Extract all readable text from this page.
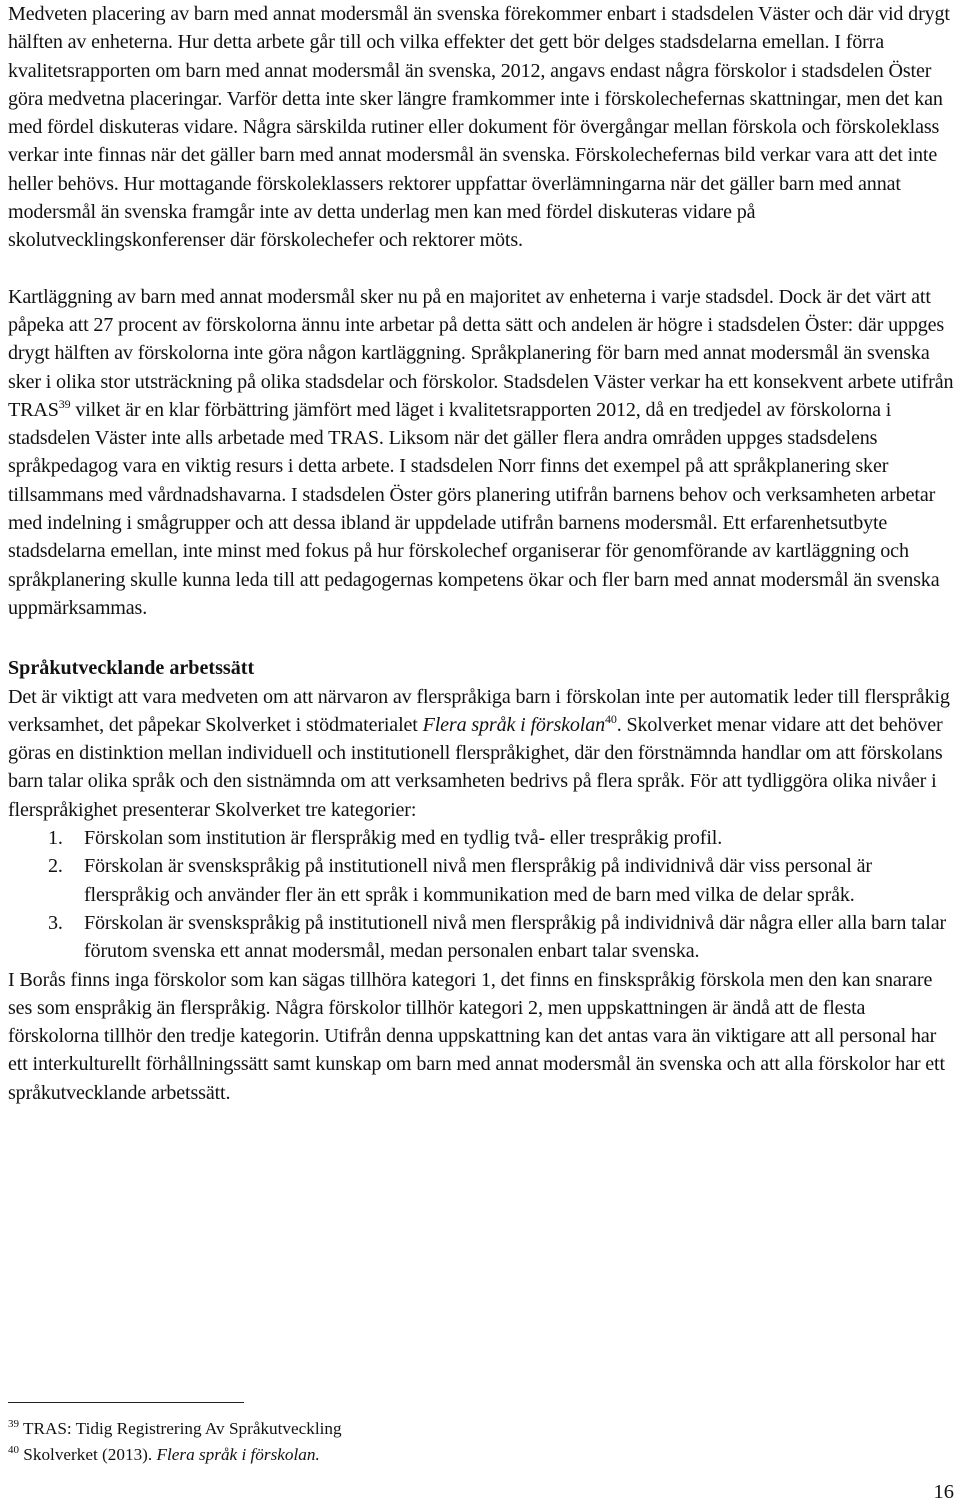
Medveten placering av barn med annat modersmål än svenska förekommer enbart i stadsdelen Väster och där vid drygt hälften av enheterna. Hur detta arbete går till och vilka effekter det gett bör delges stadsdelarna emellan. I förra kvalitetsrapporten om barn med annat modersmål än svenska, 2012, angavs endast några förskolor i stadsdelen Öster göra medvetna placeringar. Varför detta inte sker längre framkommer inte i förskolechefernas skattningar, men det kan med fördel diskuteras vidare. Några särskilda rutiner eller dokument för övergångar mellan förskola och förskoleklass verkar inte finnas när det gäller barn med annat modersmål än svenska. Förskolechefernas bild verkar vara att det inte heller behövs. Hur mottagande förskoleklassers rektorer uppfattar överlämningarna när det gäller barn med annat modersmål än svenska framgår inte av detta underlag men kan med fördel diskuteras vidare på skolutvecklingskonferenser där förskolechefer och rektorer möts.

Kartläggning av barn med annat modersmål sker nu på en majoritet av enheterna i varje stadsdel. Dock är det värt att påpeka att 27 procent av förskolorna ännu inte arbetar på detta sätt och andelen är högre i stadsdelen Öster: där uppges drygt hälften av förskolorna inte göra någon kartläggning. Språkplanering för barn med annat modersmål än svenska sker i olika stor utsträckning på olika stadsdelar och förskolor. Stadsdelen Väster verkar ha ett konsekvent arbete utifrån TRAS$^{39}$ vilket är en klar förbättring jämfört med läget i kvalitetsrapporten 2012, då en tredjedel av förskolorna i stadsdelen Väster inte alls arbetade med TRAS. Liksom när det gäller flera andra områden uppges stadsdelens språkpedagog vara en viktig resurs i detta arbete. I stadsdelen Norr finns det exempel på att språkplanering sker tillsammans med vårdnadshavarna. I stadsdelen Öster görs planering utifrån barnens behov och verksamheten arbetar med indelning i smågrupper och att dessa ibland är uppdelade utifrån barnens modersmål. Ett erfarenhetsutbyte stadsdelarna emellan, inte minst med fokus på hur förskolechef organiserar för genomförande av kartläggning och språkplanering skulle kunna leda till att pedagogernas kompetens ökar och fler barn med annat modersmål än svenska uppmärksammas.

Språkutvecklande arbetssätt

Det är viktigt att vara medveten om att närvaron av flerspråkiga barn i förskolan inte per automatik leder till flerspråkig verksamhet, det påpekar Skolverket i stödmaterialet Flera språk i förskolan$^{40}$. Skolverket menar vidare att det behöver göras en distinktion mellan individuell och institutionell flerspråkighet, där den förstnämnda handlar om att förskolans barn talar olika språk och den sistnämnda om att verksamheten bedrivs på flera språk. För att tydliggöra olika nivåer i flerspråkighet presenterar Skolverket tre kategorier:

1. Förskolan som institution är flerspråkig med en tydlig två- eller trespråkig profil.
2. Förskolan är svenskspråkig på institutionell nivå men flerspråkig på individnivå där viss personal är flerspråkig och använder fler än ett språk i kommunikation med de barn med vilka de delar språk.
3. Förskolan är svenskspråkig på institutionell nivå men flerspråkig på individnivå där några eller alla barn talar förutom svenska ett annat modersmål, medan personalen enbart talar svenska.

I Borås finns inga förskolor som kan sägas tillhöra kategori 1, det finns en finskspråkig förskola men den kan snarare ses som enspråkig än flerspråkig. Några förskolor tillhör kategori 2, men uppskattningen är ändå att de flesta förskolorna tillhör den tredje kategorin. Utifrån denna uppskattning kan det antas vara än viktigare att all personal har ett interkulturellt förhållningssätt samt kunskap om barn med annat modersmål än svenska och att alla förskolor har ett språkutvecklande arbetssätt.

$^{39}$ TRAS: Tidig Registrering Av Språkutveckling

$^{40}$ Skolverket (2013). Flera språk i förskolan.

16
